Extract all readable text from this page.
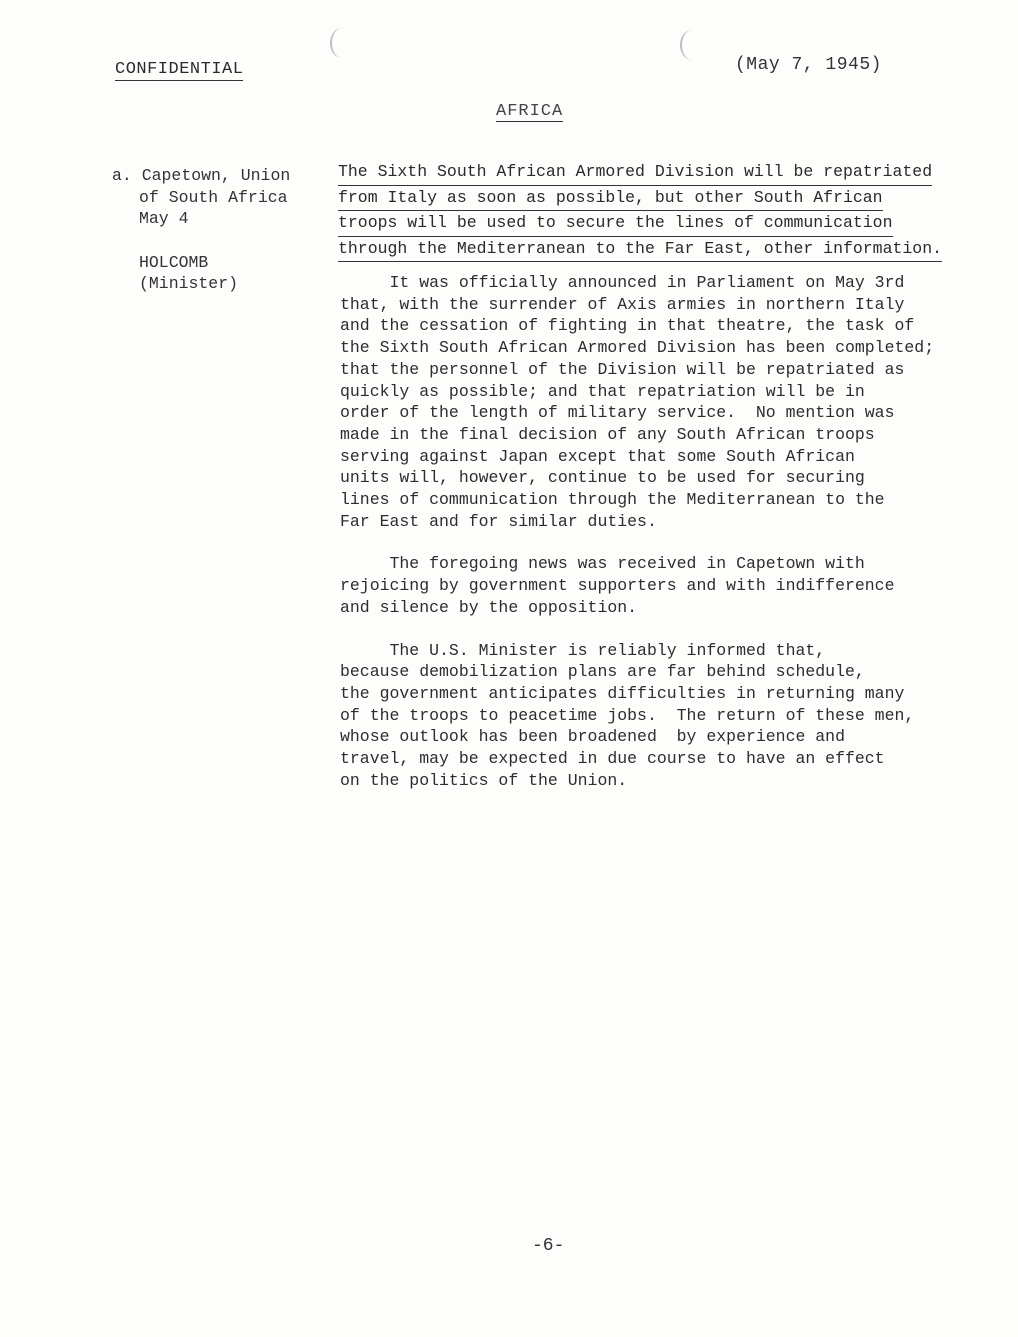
CONFIDENTIAL	(May 7, 1945)
AFRICA
a. Capetown, Union
of South Africa
May 4
HOLCOMB
(Minister)
The Sixth South African Armored Division will be repatriated
from Italy as soon as possible, but other South African
troops will be used to secure the lines of communication
through the Mediterranean to the Far East, other information.
It was officially announced in Parliament on May 3rd
that, with the surrender of Axis armies in northern Italy
and the cessation of fighting in that theatre, the task of
the Sixth South African Armored Division has been completed;
that the personnel of the Division will be repatriated as
quickly as possible; and that repatriation will be in
order of the length of military service.  No mention was
made in the final decision of any South African troops
serving against Japan except that some South African
units will, however, continue to be used for securing
lines of communication through the Mediterranean to the
Far East and for similar duties.
The foregoing news was received in Capetown with
rejoicing by government supporters and with indifference
and silence by the opposition.
The U.S. Minister is reliably informed that,
because demobilization plans are far behind schedule,
the government anticipates difficulties in returning many
of the troops to peacetime jobs.  The return of these men,
whose outlook has been broadened  by experience and
travel, may be expected in due course to have an effect
on the politics of the Union.
-6-
